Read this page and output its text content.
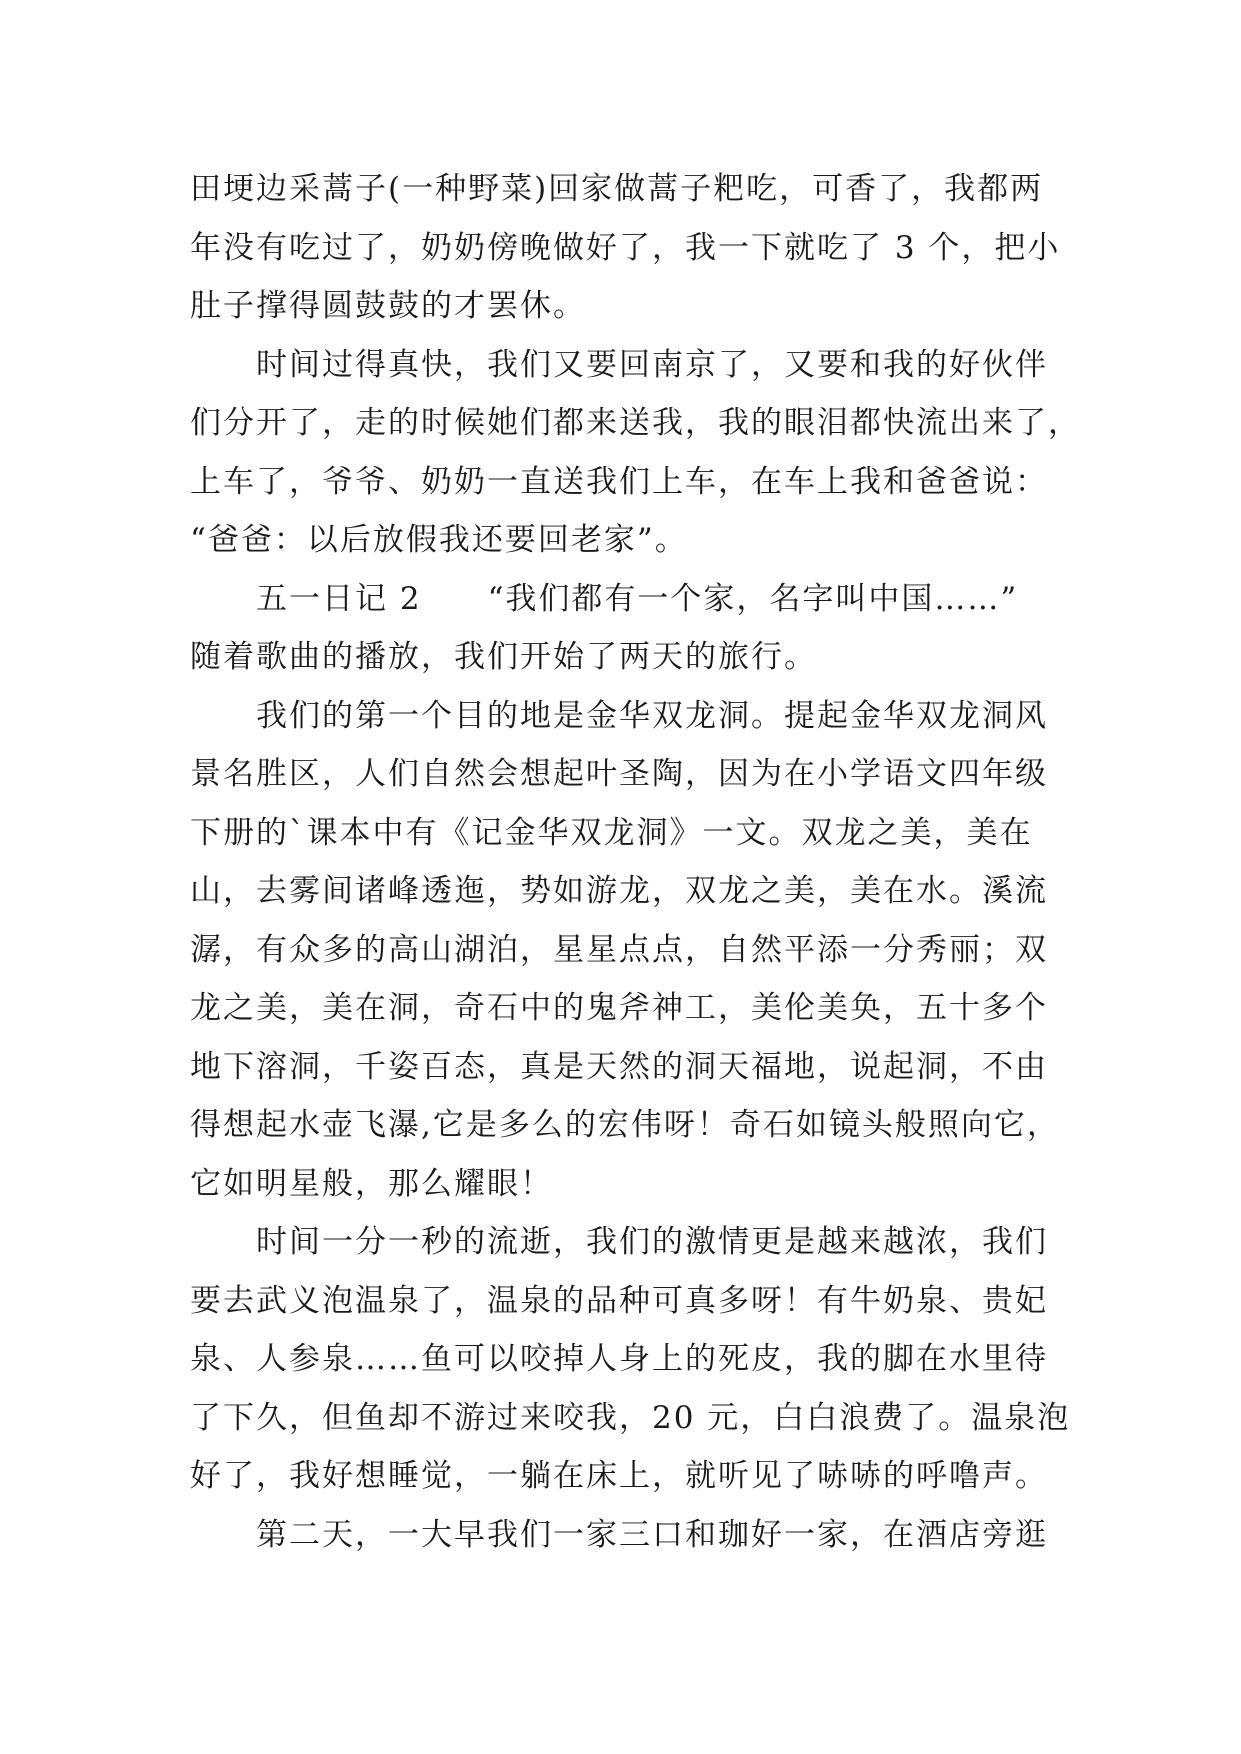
田埂边采蒿子(一种野菜)回家做蒿子粑吃，可香了，我都两
年没有吃过了，奶奶傍晚做好了，我一下就吃了 3 个，把小
肚子撑得圆鼓鼓的才罢休。
时间过得真快，我们又要回南京了，又要和我的好伙伴
们分开了，走的时候她们都来送我，我的眼泪都快流出来了，
上车了，爷爷、奶奶一直送我们上车，在车上我和爸爸说：
“爸爸：以后放假我还要回老家”。
五一日记 2　　“我们都有一个家，名字叫中国……”
随着歌曲的播放，我们开始了两天的旅行。
我们的第一个目的地是金华双龙洞。提起金华双龙洞风
景名胜区，人们自然会想起叶圣陶，因为在小学语文四年级
下册的`课本中有《记金华双龙洞》一文。双龙之美，美在
山，去雾间诸峰透迤，势如游龙，双龙之美，美在水。溪流
潺，有众多的高山湖泊，星星点点，自然平添一分秀丽；双
龙之美，美在洞，奇石中的鬼斧神工，美伦美奂，五十多个
地下溶洞，千姿百态，真是天然的洞天福地，说起洞，不由
得想起水壶飞瀑,它是多么的宏伟呀！奇石如镜头般照向它，
它如明星般，那么耀眼！
时间一分一秒的流逝，我们的激情更是越来越浓，我们
要去武义泡温泉了，温泉的品种可真多呀！有牛奶泉、贵妃
泉、人参泉……鱼可以咬掉人身上的死皮，我的脚在水里待
了下久，但鱼却不游过来咬我，20 元，白白浪费了。温泉泡
好了，我好想睡觉，一躺在床上，就听见了哧哧的呼噜声。
第二天，一大早我们一家三口和珈好一家，在酒店旁逛
